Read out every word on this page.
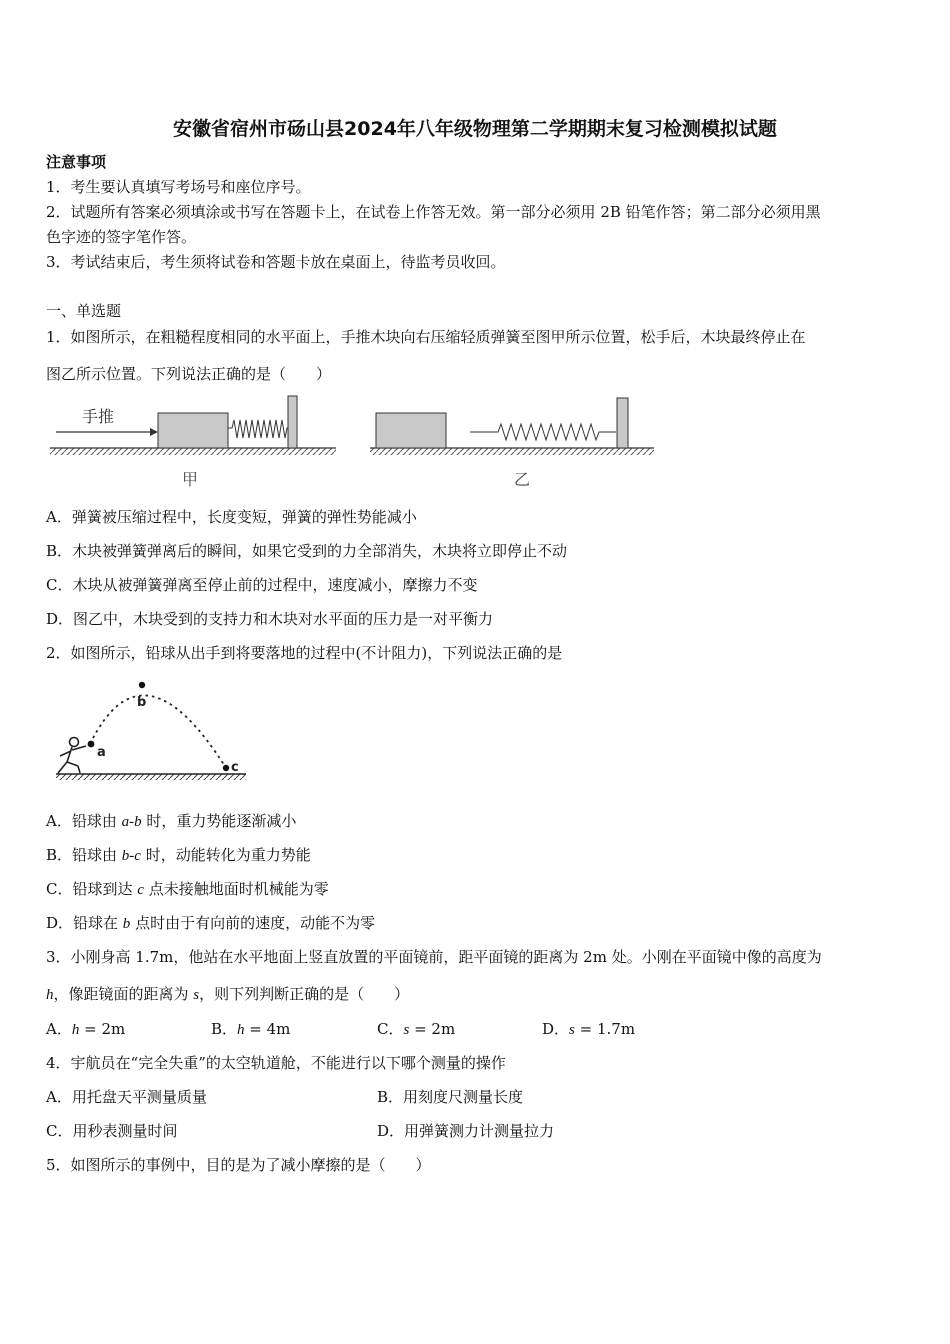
安徽省宿州市砀山县2024年八年级物理第二学期期末复习检测模拟试题
注意事项
1．考生要认真填写考场号和座位序号。
2．试题所有答案必须填涂或书写在答题卡上，在试卷上作答无效。第一部分必须用 2B 铅笔作答；第二部分必须用黑
色字迹的签字笔作答。
3．考试结束后，考生须将试卷和答题卡放在桌面上，待监考员收回。
一、单选题
1．如图所示，在粗糙程度相同的水平面上，手推木块向右压缩轻质弹簧至图甲所示位置，松手后，木块最终停止在
图乙所示位置。下列说法正确的是（　　）
手推
甲	乙
A．弹簧被压缩过程中，长度变短，弹簧的弹性势能减小
B．木块被弹簧弹离后的瞬间，如果它受到的力全部消失，木块将立即停止不动
C．木块从被弹簧弹离至停止前的过程中，速度减小，摩擦力不变
D．图乙中，木块受到的支持力和木块对水平面的压力是一对平衡力
2．如图所示，铅球从出手到将要落地的过程中(不计阻力)，下列说法正确的是
a
b
c
A．铅球由 a-b 时，重力势能逐渐减小
B．铅球由 b-c 时，动能转化为重力势能
C．铅球到达 c 点未接触地面时机械能为零
D．铅球在 b 点时由于有向前的速度，动能不为零
3．小刚身高 1.7m，他站在水平地面上竖直放置的平面镜前，距平面镜的距离为 2m 处。小刚在平面镜中像的高度为
h，像距镜面的距离为 s，则下列判断正确的是（　　）
A．h = 2m	B．h = 4m	C．s = 2m	D．s = 1.7m
4．宇航员在“完全失重”的太空轨道舱，不能进行以下哪个测量的操作
A．用托盘天平测量质量	B．用刻度尺测量长度
C．用秒表测量时间	D．用弹簧测力计测量拉力
5．如图所示的事例中，目的是为了减小摩擦的是（　　）
